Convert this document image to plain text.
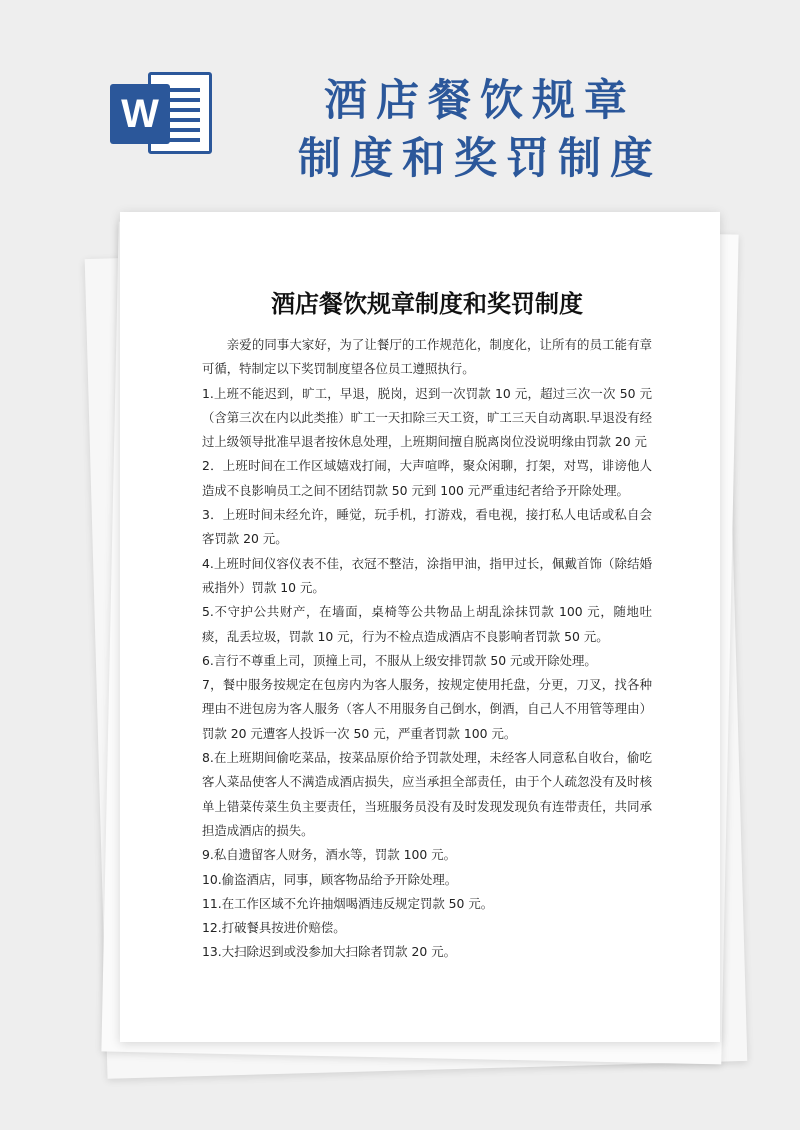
W	酒店餐饮规章
制度和奖罚制度
酒店餐饮规章制度和奖罚制度
亲爱的同事大家好，为了让餐厅的工作规范化，制度化，让所有的员工能有章可循，特制定以下奖罚制度望各位员工遵照执行。
1.上班不能迟到，旷工，早退，脱岗，迟到一次罚款 10 元，超过三次一次 50 元（含第三次在内以此类推）旷工一天扣除三天工资，旷工三天自动离职.早退没有经过上级领导批准早退者按休息处理，上班期间擅自脱离岗位没说明缘由罚款 20 元
2．上班时间在工作区域嬉戏打闹，大声喧哗，聚众闲聊，打架，对骂，诽谤他人造成不良影响员工之间不团结罚款 50 元到 100 元严重违纪者给予开除处理。
3．上班时间未经允许，睡觉，玩手机，打游戏，看电视，接打私人电话或私自会客罚款 20 元。
4.上班时间仪容仪表不佳，衣冠不整洁，涂指甲油，指甲过长，佩戴首饰（除结婚戒指外）罚款 10 元。
5.不守护公共财产，在墙面，桌椅等公共物品上胡乱涂抹罚款 100 元，随地吐痰，乱丢垃圾，罚款 10 元，行为不检点造成酒店不良影响者罚款 50 元。
6.言行不尊重上司，顶撞上司，不服从上级安排罚款 50 元或开除处理。
7，餐中服务按规定在包房内为客人服务，按规定使用托盘，分更，刀叉，找各种理由不进包房为客人服务（客人不用服务自己倒水，倒酒，自己人不用管等理由）罚款 20 元遭客人投诉一次 50 元，严重者罚款 100 元。
8.在上班期间偷吃菜品，按菜品原价给予罚款处理，未经客人同意私自收台，偷吃客人菜品使客人不满造成酒店损失，应当承担全部责任，由于个人疏忽没有及时核单上错菜传菜生负主要责任，当班服务员没有及时发现发现负有连带责任，共同承担造成酒店的损失。
9.私自遗留客人财务，酒水等，罚款 100 元。
10.偷盗酒店，同事，顾客物品给予开除处理。
11.在工作区域不允许抽烟喝酒违反规定罚款 50 元。
12.打破餐具按进价赔偿。
13.大扫除迟到或没参加大扫除者罚款 20 元。
